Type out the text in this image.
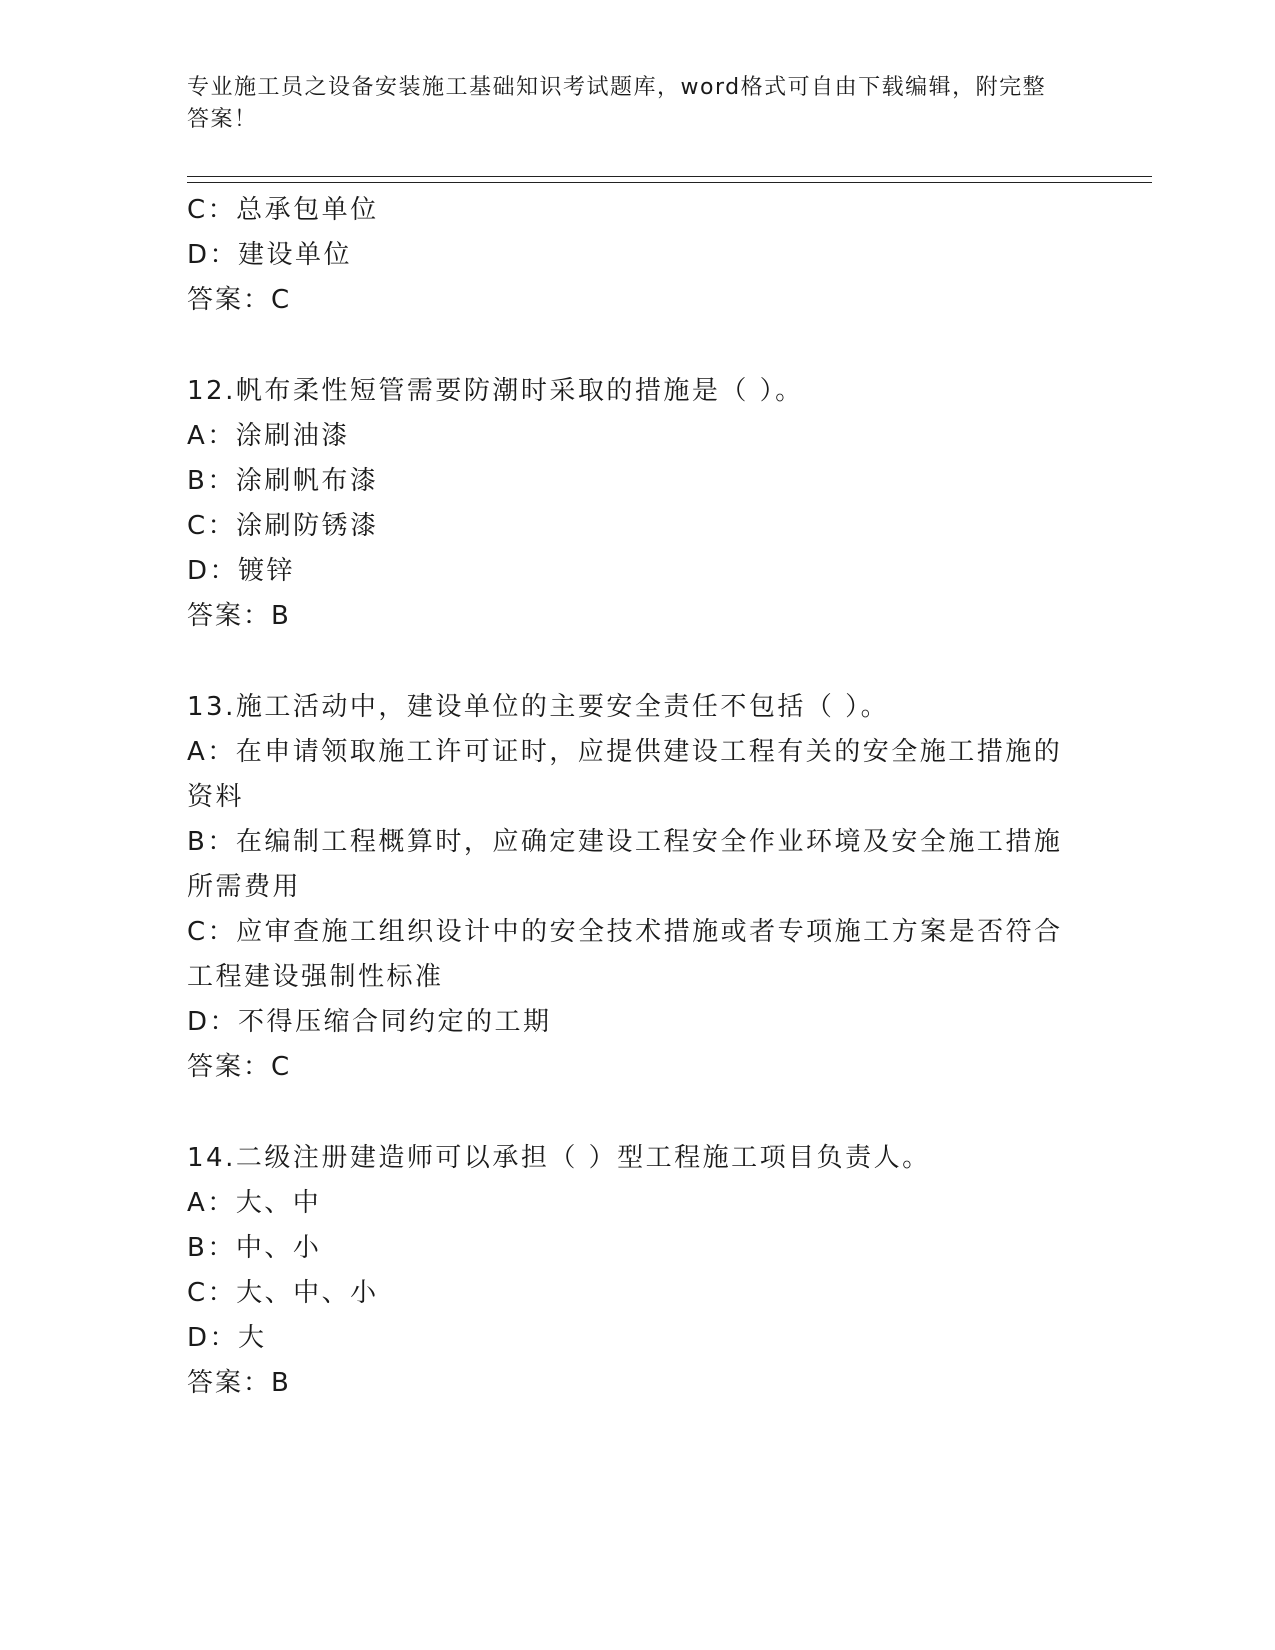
专业施工员之设备安装施工基础知识考试题库，word格式可自由下载编辑，附完整答案！
C：总承包单位
D：建设单位
答案：C
12.帆布柔性短管需要防潮时采取的措施是（ ）。
A：涂刷油漆
B：涂刷帆布漆
C：涂刷防锈漆
D：镀锌
答案：B
13.施工活动中，建设单位的主要安全责任不包括（ ）。
A：在申请领取施工许可证时，应提供建设工程有关的安全施工措施的资料
B：在编制工程概算时，应确定建设工程安全作业环境及安全施工措施所需费用
C：应审查施工组织设计中的安全技术措施或者专项施工方案是否符合工程建设强制性标准
D：不得压缩合同约定的工期
答案：C
14.二级注册建造师可以承担（ ）型工程施工项目负责人。
A：大、中
B：中、小
C：大、中、小
D：大
答案：B
